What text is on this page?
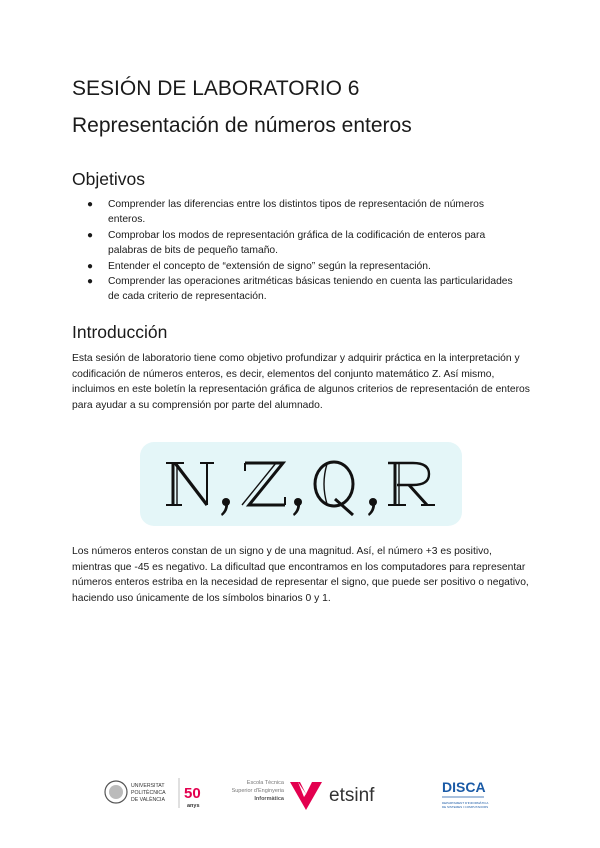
SESIÓN DE LABORATORIO 6
Representación de números enteros
Objetivos
● Comprender las diferencias entre los distintos tipos de representación de números enteros.
● Comprobar los modos de representación gráfica de la codificación de enteros para palabras de bits de pequeño tamaño.
● Entender el concepto de “extensión de signo” según la representación.
● Comprender las operaciones aritméticas básicas teniendo en cuenta las particularidades de cada criterio de representación.
Introducción

Esta sesión de laboratorio tiene como objetivo profundizar y adquirir práctica en la interpretación y codificación de números enteros, es decir, elementos del conjunto matemático Z. Así mismo, incluimos en este boletín la representación gráfica de algunos criterios de representación de enteros para ayudar a su comprensión por parte del alumnado.

Los números enteros constan de un signo y de una magnitud. Así, el número +3 es positivo, mientras que -45 es negativo. La dificultad que encontramos en los computadores para representar números enteros estriba en la necesidad de representar el signo, que puede ser positivo o negativo, haciendo uso únicamente de los símbolos binarios 0 y 1.

UNIVERSITAT
POLITÈCNICA
DE VALÈNCIA 50
anys
Escola Tècnica
Superior d'Enginyeria
Informàtica etsinf	DISCA
DEPARTAMENT D'INFORMÀTICA
DE SISTEMES I COMPUTADORS
